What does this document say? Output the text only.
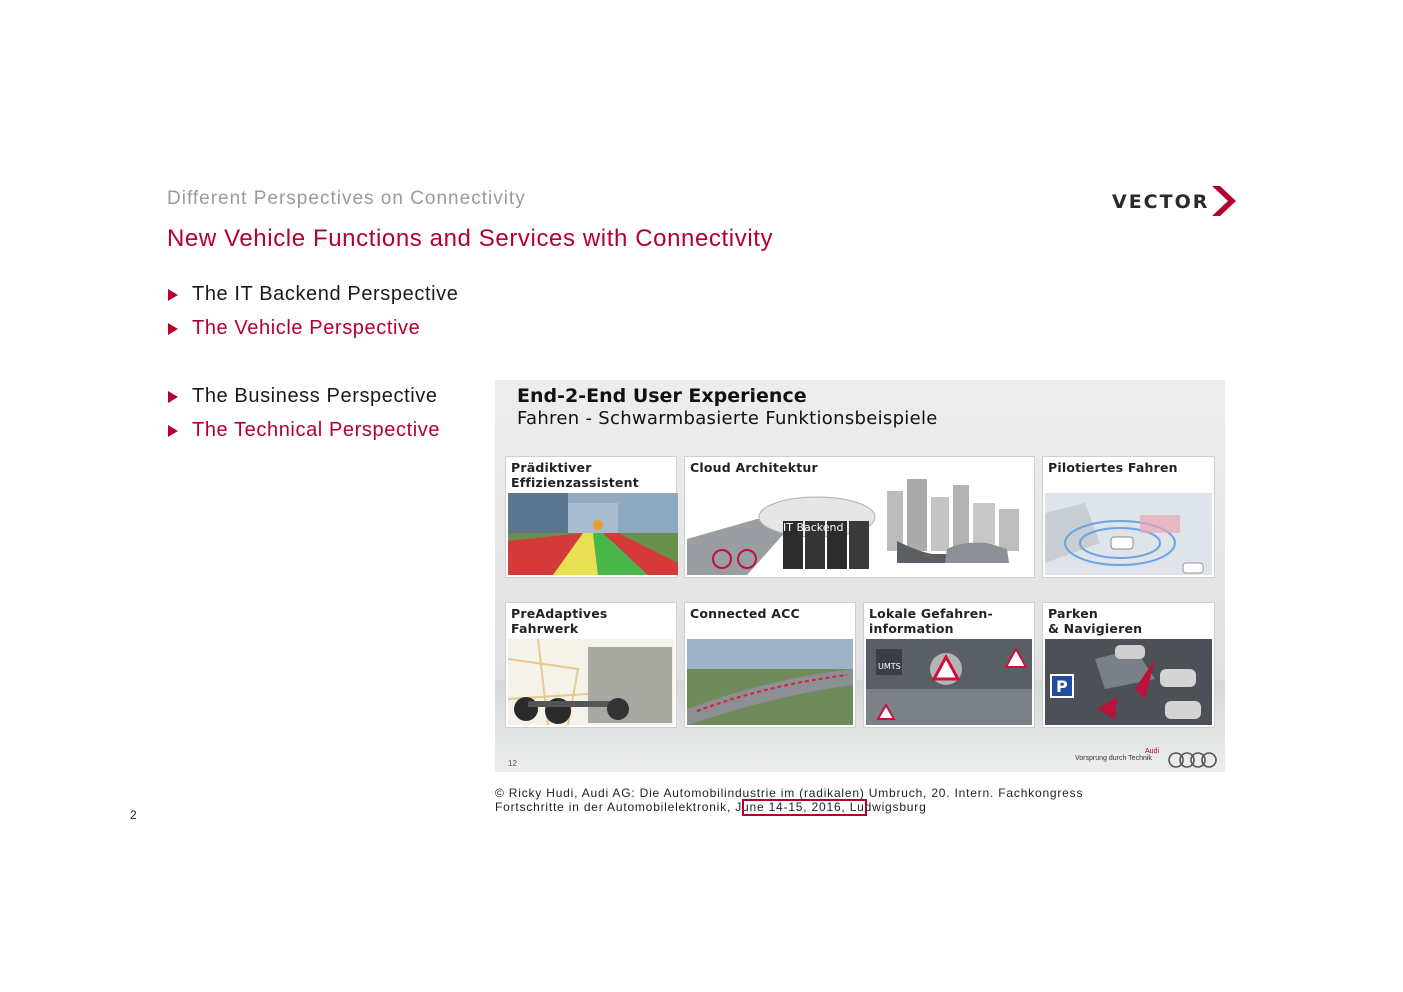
Different Perspectives on Connectivity
New Vehicle Functions and Services with Connectivity
VECTOR
The IT Backend Perspective
The Vehicle Perspective
The Business Perspective
The Technical Perspective
End-2-End User Experience
Fahren - Schwarmbasierte Funktionsbeispiele
Prädiktiver
Effizienzassistent
Cloud Architektur
IT Backend
Pilotiertes Fahren
PreAdaptives
Fahrwerk
Connected ACC	Lokale Gefahren-
information
UMTS
Parken
& Navigieren
P
12
Audi
Vorsprung durch Technik
© Ricky Hudi, Audi AG: Die Automobilindustrie im (radikalen) Umbruch, 20. Intern. Fachkongress
Fortschritte in der Automobilelektronik, June 14-15, 2016, Ludwigsburg
2
